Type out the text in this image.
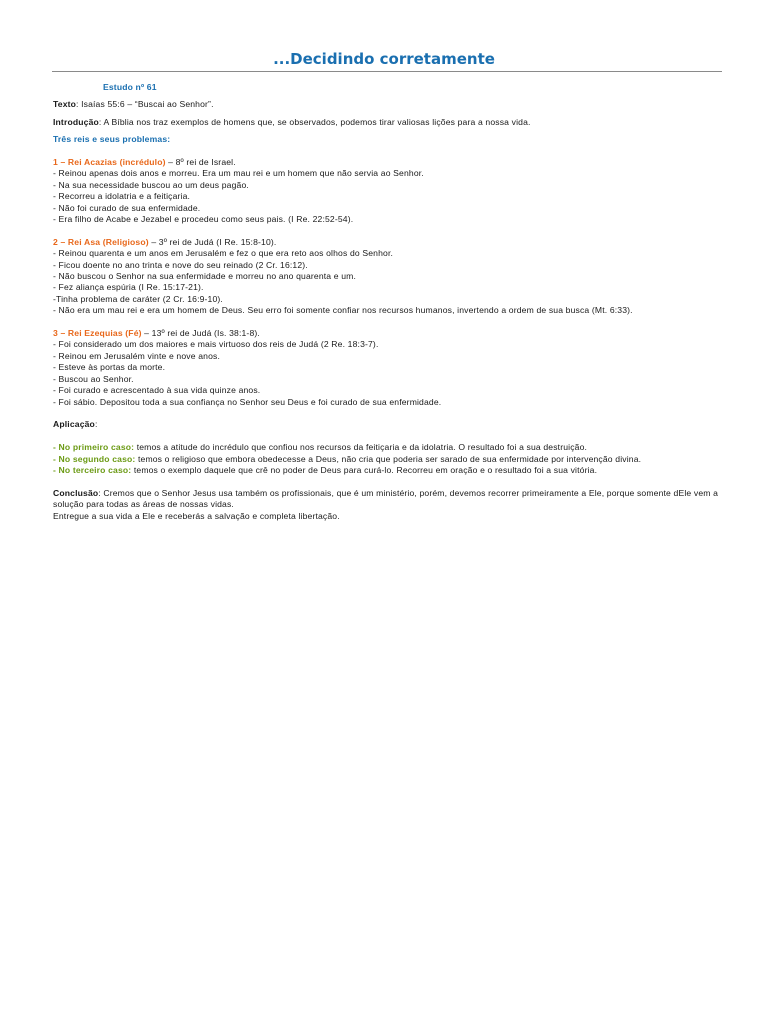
...Decidindo corretamente

Estudo nº 61

Texto: Isaías 55:6 – “Buscai ao Senhor”.

Introdução: A Bíblia nos traz exemplos de homens que, se observados, podemos tirar valiosas lições para a nossa vida.

Três reis e seus problemas:

1 – Rei Acazias (incrédulo) – 8º rei de Israel.

- Reinou apenas dois anos e morreu. Era um mau rei e um homem que não servia ao Senhor.

- Na sua necessidade buscou ao um deus pagão.

- Recorreu a idolatria e a feitiçaria.

- Não foi curado de sua enfermidade.

- Era filho de Acabe e Jezabel e procedeu como seus pais. (I Re. 22:52-54).

2 – Rei Asa (Religioso) – 3º rei de Judá (I Re. 15:8-10).

- Reinou quarenta e um anos em Jerusalém e fez o que era reto aos olhos do Senhor.

- Ficou doente no ano trinta e nove do seu reinado (2 Cr. 16:12).

- Não buscou o Senhor na sua enfermidade e morreu no ano quarenta e um.

- Fez aliança espúria (I Re. 15:17-21).

-Tinha problema de caráter (2 Cr. 16:9-10).

- Não era um mau rei e era um homem de Deus. Seu erro foi somente confiar nos recursos humanos, invertendo a ordem de sua busca (Mt. 6:33).

3 – Rei Ezequias (Fé) – 13º rei de Judá (Is. 38:1-8).

- Foi considerado um dos maiores e mais virtuoso dos reis de Judá (2 Re. 18:3-7).

- Reinou em Jerusalém vinte e nove anos.

- Esteve às portas da morte.

- Buscou ao Senhor.

- Foi curado e acrescentado à sua vida quinze anos.

- Foi sábio. Depositou toda a sua confiança no Senhor seu Deus e foi curado de sua enfermidade.

Aplicação:

- No primeiro caso: temos a atitude do incrédulo que confiou nos recursos da feitiçaria e da idolatria. O resultado foi a sua destruição.

- No segundo caso: temos o religioso que embora obedecesse a Deus, não cria que poderia ser sarado de sua enfermidade por intervenção divina.

- No terceiro caso: temos o exemplo daquele que crê no poder de Deus para curá-lo. Recorreu em oração e o resultado foi a sua vitória.

Conclusão: Cremos que o Senhor Jesus usa também os profissionais, que é um ministério, porém, devemos recorrer primeiramente a Ele, porque somente dEle vem a solução para todas as áreas de nossas vidas.

Entregue a sua vida a Ele e receberás a salvação e completa libertação.
